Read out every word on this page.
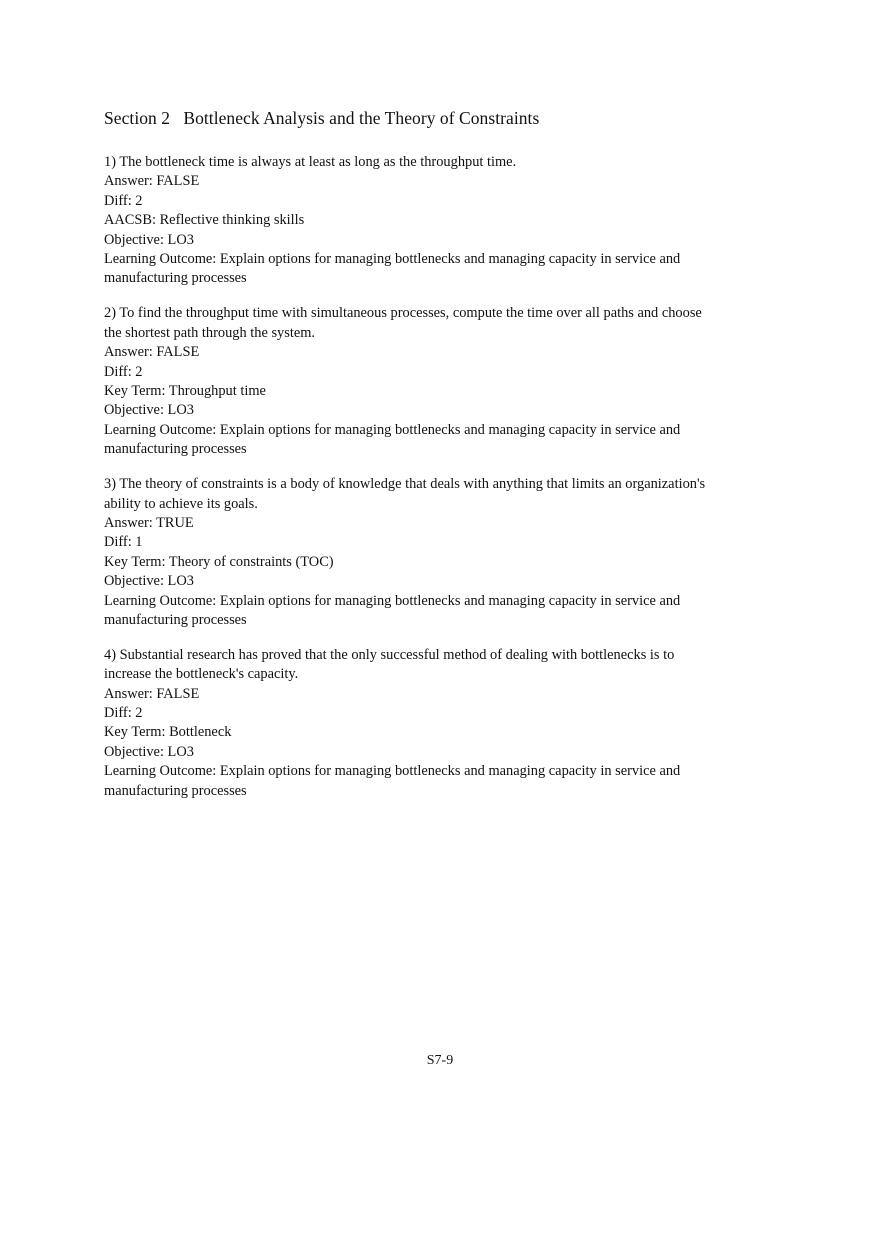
Section 2   Bottleneck Analysis and the Theory of Constraints

1) The bottleneck time is always at least as long as the throughput time.

Answer: FALSE

Diff: 2

AACSB: Reflective thinking skills

Objective: LO3

Learning Outcome: Explain options for managing bottlenecks and managing capacity in service and manufacturing processes

2) To find the throughput time with simultaneous processes, compute the time over all paths and choose the shortest path through the system.

Answer: FALSE

Diff: 2

Key Term: Throughput time

Objective: LO3

Learning Outcome: Explain options for managing bottlenecks and managing capacity in service and manufacturing processes

3) The theory of constraints is a body of knowledge that deals with anything that limits an organization's ability to achieve its goals.

Answer: TRUE

Diff: 1

Key Term: Theory of constraints (TOC)

Objective: LO3

Learning Outcome: Explain options for managing bottlenecks and managing capacity in service and manufacturing processes

4) Substantial research has proved that the only successful method of dealing with bottlenecks is to increase the bottleneck's capacity.

Answer: FALSE

Diff: 2

Key Term: Bottleneck

Objective: LO3

Learning Outcome: Explain options for managing bottlenecks and managing capacity in service and manufacturing processes

S7-9
